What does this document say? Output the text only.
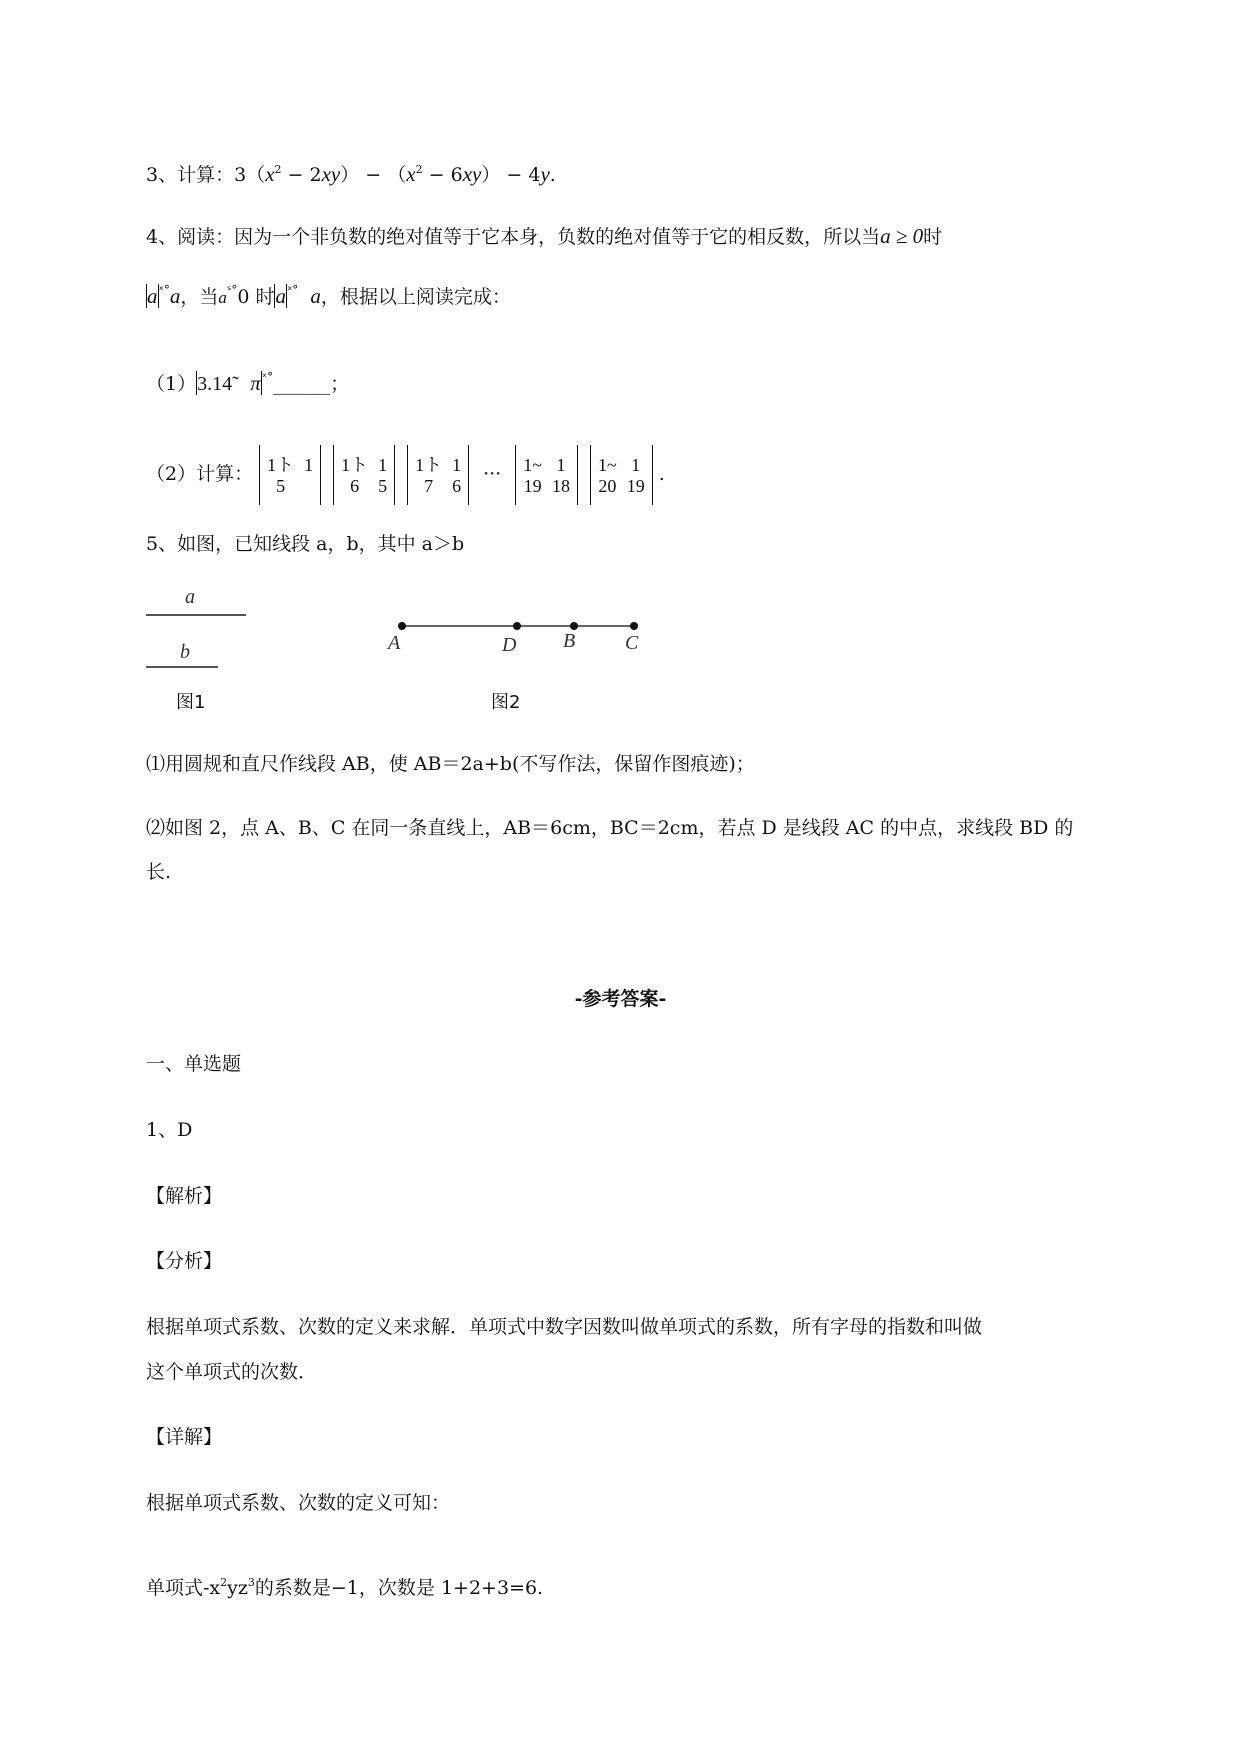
3、计算：$3(x^2 - 2xy) - (x^2 - 6xy) - 4y$.
4、阅读：因为一个非负数的绝对值等于它本身，负数的绝对值等于它的相反数，所以当a ≥ 0时
$a^{ˣ^\circ}a$，当$a^{ˢ^\circ}0$ 时$a^{ˣ^\circ}$ a，根据以上阅读完成：
（1）3.14̃ $\pi^{ˣ^\circ}\_\_\_\_\_\_$；
（2）计算： 1ト
5
1
1ト
6
1
5
1ト
7
1
6
··· 1~
19
1
18
1~
20
1
19
.
5、如图，已知线段 a，b，其中 a＞b
a
b
图1
A	D B C
图2
⑴用圆规和直尺作线段 AB，使 AB＝2a+b(不写作法，保留作图痕迹)；
⑵如图 2，点 A、B、C 在同一条直线上，AB＝6cm，BC＝2cm，若点 D 是线段 AC 的中点，求线段 BD 的
长.
-参考答案-
一、单选题
1、D
【解析】
【分析】
根据单项式系数、次数的定义来求解．单项式中数字因数叫做单项式的系数，所有字母的指数和叫做
这个单项式的次数．
【详解】
根据单项式系数、次数的定义可知：
单项式$-x^2yz^3$的系数是−1，次数是 1+2+3=6.
